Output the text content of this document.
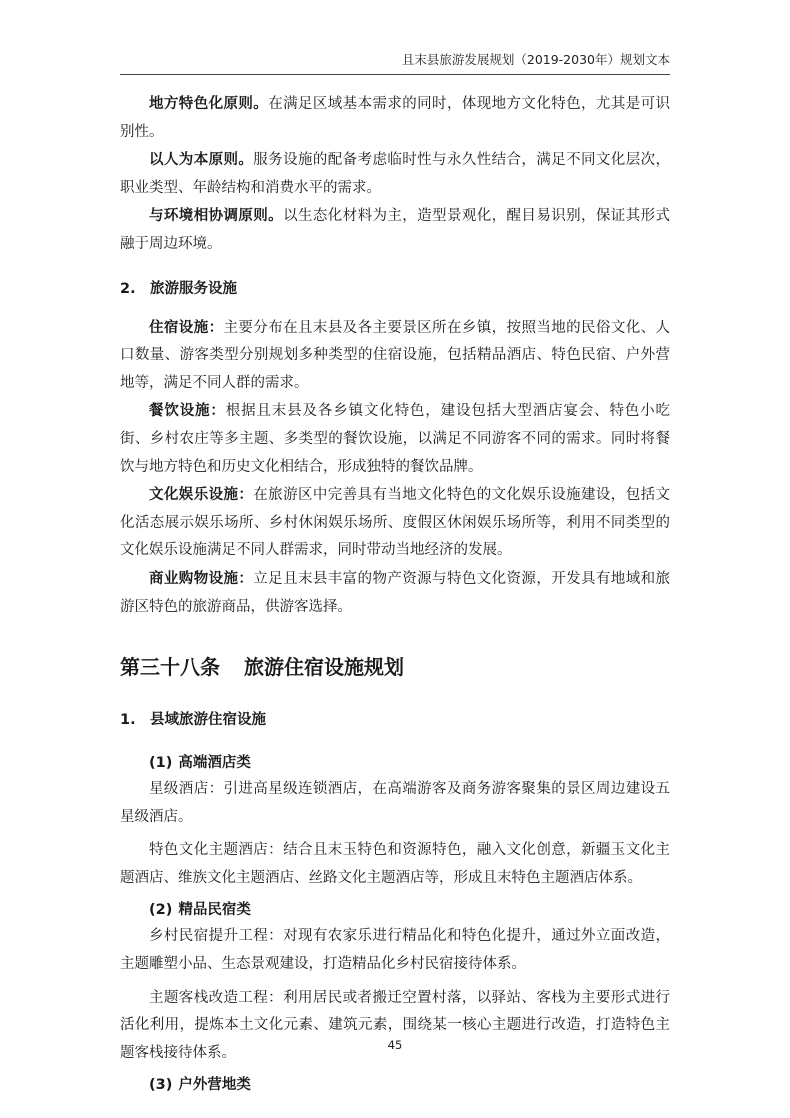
且末县旅游发展规划（2019-2030年）规划文本

地方特色化原则。在满足区域基本需求的同时，体现地方文化特色，尤其是可识别性。

以人为本原则。服务设施的配备考虑临时性与永久性结合，满足不同文化层次，职业类型、年龄结构和消费水平的需求。

与环境相协调原则。以生态化材料为主，造型景观化，醒目易识别，保证其形式融于周边环境。

2. 旅游服务设施

住宿设施：主要分布在且末县及各主要景区所在乡镇，按照当地的民俗文化、人口数量、游客类型分别规划多种类型的住宿设施，包括精品酒店、特色民宿、户外营地等，满足不同人群的需求。

餐饮设施：根据且末县及各乡镇文化特色，建设包括大型酒店宴会、特色小吃街、乡村农庄等多主题、多类型的餐饮设施，以满足不同游客不同的需求。同时将餐饮与地方特色和历史文化相结合，形成独特的餐饮品牌。

文化娱乐设施：在旅游区中完善具有当地文化特色的文化娱乐设施建设，包括文化活态展示娱乐场所、乡村休闲娱乐场所、度假区休闲娱乐场所等，利用不同类型的文化娱乐设施满足不同人群需求，同时带动当地经济的发展。

商业购物设施：立足且末县丰富的物产资源与特色文化资源，开发具有地域和旅游区特色的旅游商品，供游客选择。

第三十八条 旅游住宿设施规划
1. 县域旅游住宿设施
(1) 高端酒店类

星级酒店：引进高星级连锁酒店，在高端游客及商务游客聚集的景区周边建设五星级酒店。

特色文化主题酒店：结合且末玉特色和资源特色，融入文化创意，新疆玉文化主题酒店、维族文化主题酒店、丝路文化主题酒店等，形成且末特色主题酒店体系。

(2) 精品民宿类

乡村民宿提升工程：对现有农家乐进行精品化和特色化提升，通过外立面改造，主题雕塑小品、生态景观建设，打造精品化乡村民宿接待体系。

主题客栈改造工程：利用居民或者搬迁空置村落，以驿站、客栈为主要形式进行活化利用，提炼本土文化元素、建筑元素，围绕某一核心主题进行改造，打造特色主题客栈接待体系。

(3) 户外营地类
45
